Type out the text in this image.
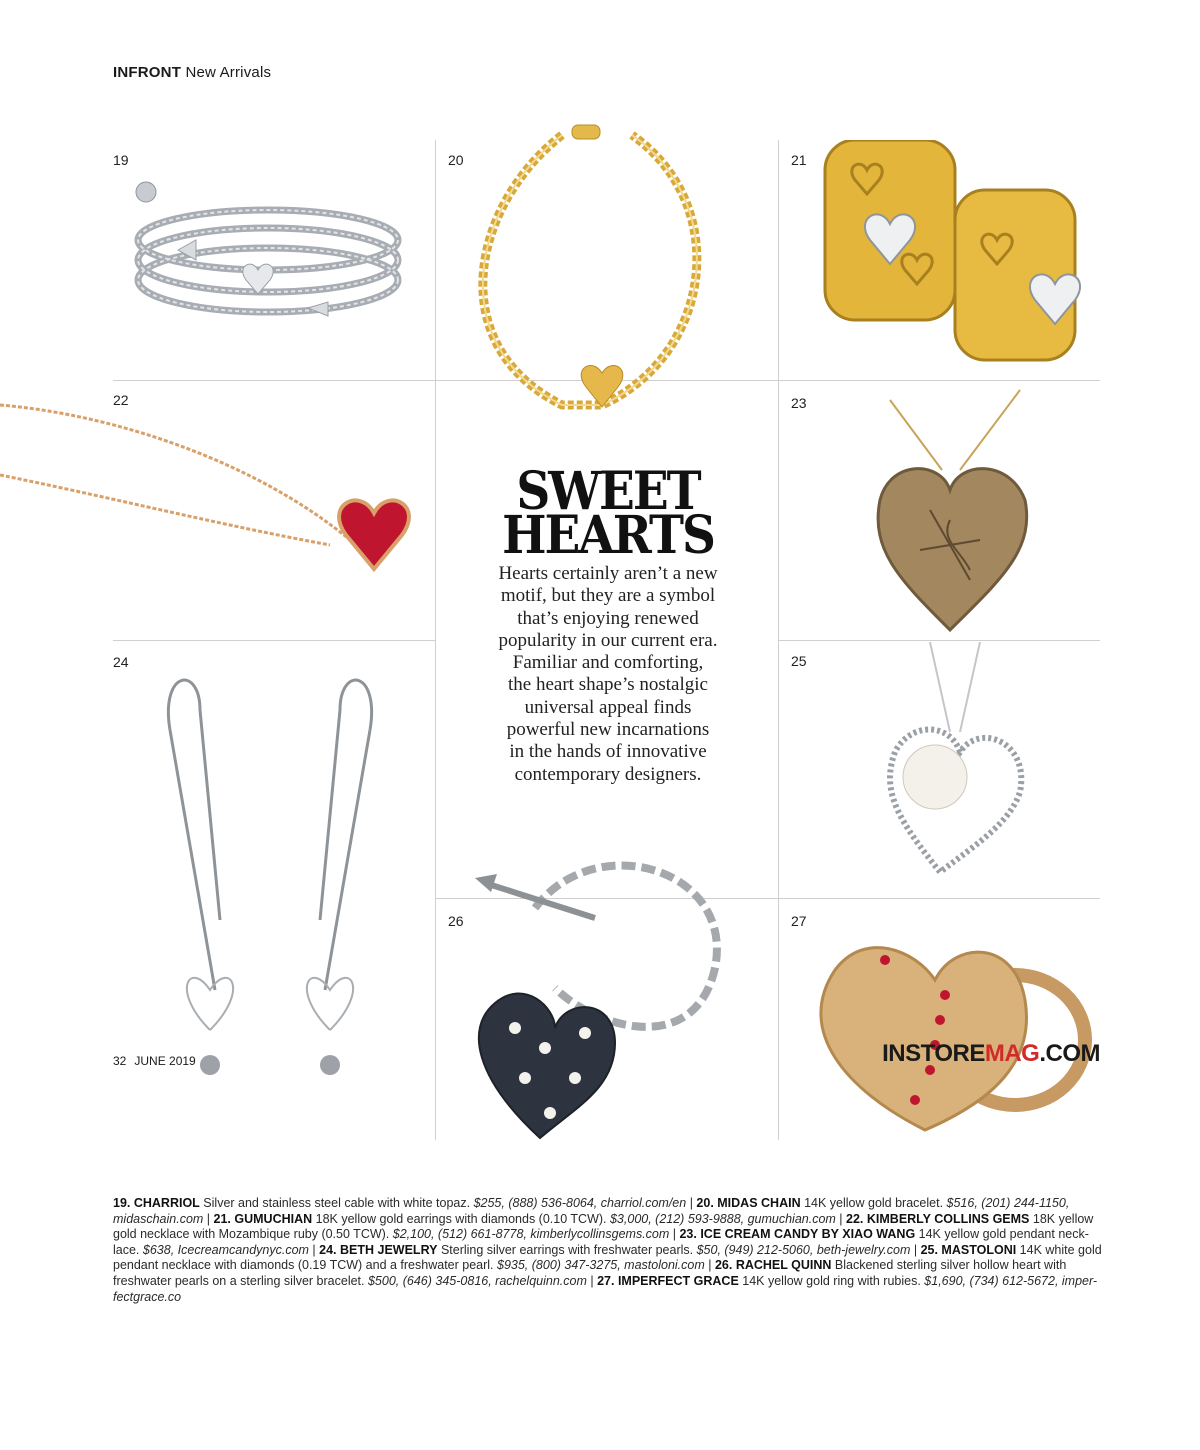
INFRONT New Arrivals
19	20	21
22	23
24	25
26	27
SWEET
HEARTS
Hearts certainly aren’t a new
motif, but they are a symbol
that’s enjoying renewed
popularity in our current era.
Familiar and comforting,
the heart shape’s nostalgic
universal appeal finds
powerful new incarnations
in the hands of innovative
contemporary designers.
19. CHARRIOL Silver and stainless steel cable with white topaz. $255, (888) 536-8064, charriol.com/en | 20. MIDAS CHAIN 14K yellow gold bracelet. $516, (201) 244-1150, midaschain.com | 21. GUMUCHIAN 18K yellow gold earrings with diamonds (0.10 TCW). $3,000, (212) 593-9888, gumuchian.com | 22. KIMBERLY COLLINS GEMS 18K yellow gold necklace with Mozambique ruby (0.50 TCW). $2,100, (512) 661-8778, kimberlycollinsgems.com | 23. ICE CREAM CANDY BY XIAO WANG 14K yellow gold pendant neck-lace. $638, Icecreamcandynyc.com | 24. BETH JEWELRY Sterling silver earrings with freshwater pearls. $50, (949) 212-5060, beth-jewelry.com | 25. MASTOLONI 14K white gold pendant necklace with diamonds (0.19 TCW) and a freshwater pearl. $935, (800) 347-3275, mastoloni.com | 26. RACHEL QUINN Blackened sterling silver hollow heart with freshwater pearls on a sterling silver bracelet. $500, (646) 345-0816, rachelquinn.com | 27. IMPERFECT GRACE 14K yellow gold ring with rubies. $1,690, (734) 612-5672, imper-fectgrace.co
32 JUNE 2019	INSTOREMAG.COM
